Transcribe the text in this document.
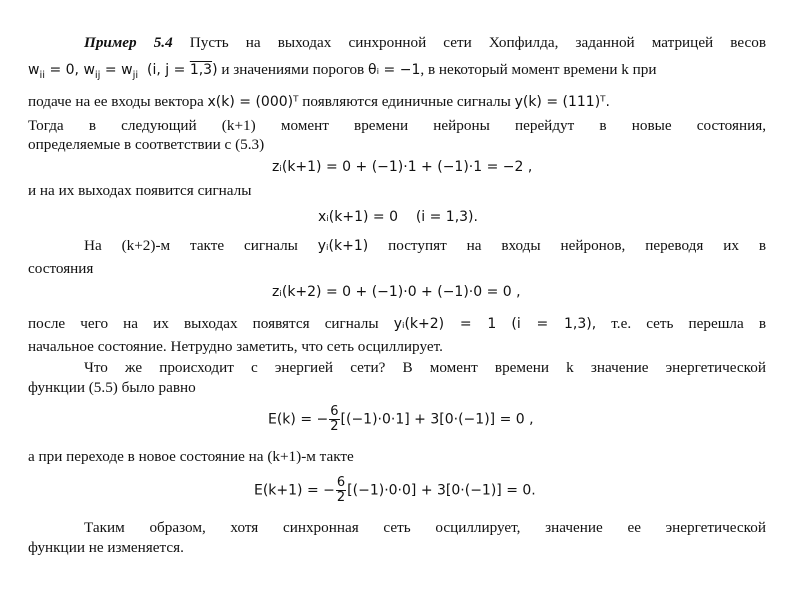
Пример 5.4 Пусть на выходах синхронной сети Хопфилда, заданной матрицей весов
$w_{ii} = 0$, $w_{ij} = w_{ji}$  (i, j = 1,3) и значениями порогов θᵢ = −1, в некоторый момент времени k при
подаче на ее входы вектора x(k) = (000)ᵀ появляются единичные сигналы y(k) = (111)ᵀ.
Тогда в следующий (k+1) момент времени нейроны перейдут в новые состояния,
определяемые в соответствии с (5.3)
zᵢ(k+1) = 0 + (−1)·1 + (−1)·1 = −2 ,
и на их выходах появится сигналы
xᵢ(k+1) = 0 (i = 1,3).
На (k+2)-м такте сигналы yᵢ(k+1) поступят на входы нейронов, переводя их в
состояния
zᵢ(k+2) = 0 + (−1)·0 + (−1)·0 = 0 ,
после чего на их выходах появятся сигналы yᵢ(k+2) = 1 (i = 1,3), т.е. сеть перешла в
начальное состояние. Нетрудно заметить, что сеть осциллирует.
Что же происходит с энергией сети? В момент времени k значение энергетической
функции (5.5) было равно
E(k) = − $\frac{6}{2} [(-1)\cdot 0\cdot 1] + 3[0\cdot(-1)] = 0$ ,
а при переходе в новое состояние на (k+1)-м такте
E(k+1) = − $\frac{6}{2} [(-1)\cdot 0\cdot 0] + 3[0\cdot(-1)] = 0$.
Таким образом, хотя синхронная сеть осциллирует, значение ее энергетической
функции не изменяется.
